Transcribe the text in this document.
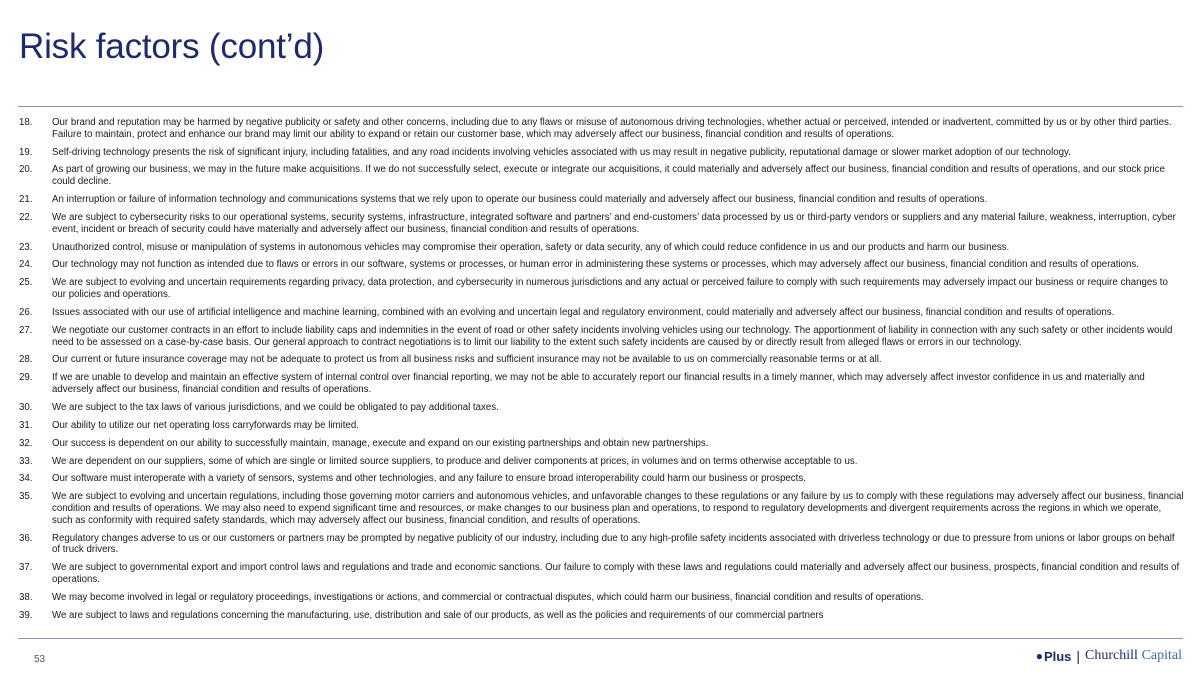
Risk factors (cont’d)
18.	Our brand and reputation may be harmed by negative publicity or safety and other concerns, including due to any flaws or misuse of autonomous driving technologies, whether actual or perceived, intended or inadvertent, committed by us or by other third parties. Failure to maintain, protect and enhance our brand may limit our ability to expand or retain our customer base, which may adversely affect our business, financial condition and results of operations.
19.	Self-driving technology presents the risk of significant injury, including fatalities, and any road incidents involving vehicles associated with us may result in negative publicity, reputational damage or slower market adoption of our technology.
20.	As part of growing our business, we may in the future make acquisitions. If we do not successfully select, execute or integrate our acquisitions, it could materially and adversely affect our business, financial condition and results of operations, and our stock price could decline.
21.	An interruption or failure of information technology and communications systems that we rely upon to operate our business could materially and adversely affect our business, financial condition and results of operations.
22.	We are subject to cybersecurity risks to our operational systems, security systems, infrastructure, integrated software and partners’ and end-customers’ data processed by us or third-party vendors or suppliers and any material failure, weakness, interruption, cyber event, incident or breach of security could have materially and adversely affect our business, financial condition and results of operations.
23.	Unauthorized control, misuse or manipulation of systems in autonomous vehicles may compromise their operation, safety or data security, any of which could reduce confidence in us and our products and harm our business.
24.	Our technology may not function as intended due to flaws or errors in our software, systems or processes, or human error in administering these systems or processes, which may adversely affect our business, financial condition and results of operations.
25.	We are subject to evolving and uncertain requirements regarding privacy, data protection, and cybersecurity in numerous jurisdictions and any actual or perceived failure to comply with such requirements may adversely impact our business or require changes to our policies and operations.
26.	Issues associated with our use of artificial intelligence and machine learning, combined with an evolving and uncertain legal and regulatory environment, could materially and adversely affect our business, financial condition and results of operations.
27.	We negotiate our customer contracts in an effort to include liability caps and indemnities in the event of road or other safety incidents involving vehicles using our technology. The apportionment of liability in connection with any such safety or other incidents would need to be assessed on a case-by-case basis. Our general approach to contract negotiations is to limit our liability to the extent such safety incidents are caused by or directly result from alleged flaws or errors in our technology.
28.	Our current or future insurance coverage may not be adequate to protect us from all business risks and sufficient insurance may not be available to us on commercially reasonable terms or at all.
29.	If we are unable to develop and maintain an effective system of internal control over financial reporting, we may not be able to accurately report our financial results in a timely manner, which may adversely affect investor confidence in us and materially and adversely affect our business, financial condition and results of operations.
30.	We are subject to the tax laws of various jurisdictions, and we could be obligated to pay additional taxes.
31.	Our ability to utilize our net operating loss carryforwards may be limited.
32.	Our success is dependent on our ability to successfully maintain, manage, execute and expand on our existing partnerships and obtain new partnerships.
33.	We are dependent on our suppliers, some of which are single or limited source suppliers, to produce and deliver components at prices, in volumes and on terms otherwise acceptable to us.
34.	Our software must interoperate with a variety of sensors, systems and other technologies, and any failure to ensure broad interoperability could harm our business or prospects.
35.	We are subject to evolving and uncertain regulations, including those governing motor carriers and autonomous vehicles, and unfavorable changes to these regulations or any failure by us to comply with these regulations may adversely affect our business, financial condition and results of operations. We may also need to expend significant time and resources, or make changes to our business plan and operations, to respond to regulatory developments and divergent requirements across the regions in which we operate, such as conformity with required safety standards, which may adversely affect our business, financial condition, and results of operations.
36.	Regulatory changes adverse to us or our customers or partners may be prompted by negative publicity of our industry, including due to any high-profile safety incidents associated with driverless technology or due to pressure from unions or labor groups on behalf of truck drivers.
37.	We are subject to governmental export and import control laws and regulations and trade and economic sanctions. Our failure to comply with these laws and regulations could materially and adversely affect our business, prospects, financial condition and results of operations.
38.	We may become involved in legal or regulatory proceedings, investigations or actions, and commercial or contractual disputes, which could harm our business, financial condition and results of operations.
39.	We are subject to laws and regulations concerning the manufacturing, use, distribution and sale of our products, as well as the policies and requirements of our commercial partners
53	● Plus | Churchill
Capital
